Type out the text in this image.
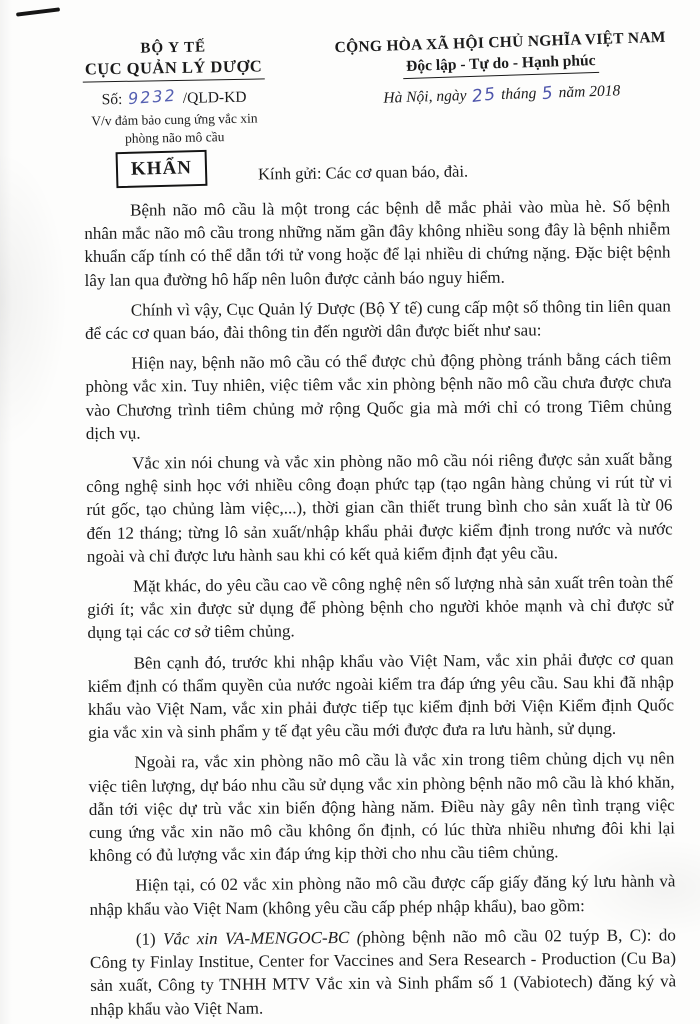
BỘ Y TẾ
CỤC QUẢN LÝ DƯỢC
Số: 9232 /QLD-KD
V/v đảm bảo cung ứng vắc xin
phòng não mô cầu
CỘNG HÒA XÃ HỘI CHỦ NGHĨA VIỆT NAM
Độc lập - Tự do - Hạnh phúc
Hà Nội, ngày 25 tháng 5 năm 2018
KHẨN	Kính gửi: Các cơ quan báo, đài.

Bệnh não mô cầu là một trong các bệnh dễ mắc phải vào mùa hè. Số bệnh nhân mắc não mô cầu trong những năm gần đây không nhiều song đây là bệnh nhiễm khuẩn cấp tính có thể dẫn tới tử vong hoặc để lại nhiều di chứng nặng. Đặc biệt bệnh lây lan qua đường hô hấp nên luôn được cảnh báo nguy hiểm.

Chính vì vậy, Cục Quản lý Dược (Bộ Y tế) cung cấp một số thông tin liên quan để các cơ quan báo, đài thông tin đến người dân được biết như sau:

Hiện nay, bệnh não mô cầu có thể được chủ động phòng tránh bằng cách tiêm phòng vắc xin. Tuy nhiên, việc tiêm vắc xin phòng bệnh não mô cầu chưa được chưa vào Chương trình tiêm chủng mở rộng Quốc gia mà mới chỉ có trong Tiêm chủng dịch vụ.

Vắc xin nói chung và vắc xin phòng não mô cầu nói riêng được sản xuất bằng công nghệ sinh học với nhiều công đoạn phức tạp (tạo ngân hàng chủng vi rút từ vi rút gốc, tạo chủng làm việc,...), thời gian cần thiết trung bình cho sản xuất là từ 06 đến 12 tháng; từng lô sản xuất/nhập khẩu phải được kiểm định trong nước và nước ngoài và chỉ được lưu hành sau khi có kết quả kiểm định đạt yêu cầu.

Mặt khác, do yêu cầu cao về công nghệ nên số lượng nhà sản xuất trên toàn thế giới ít; vắc xin được sử dụng để phòng bệnh cho người khỏe mạnh và chỉ được sử dụng tại các cơ sở tiêm chủng.

Bên cạnh đó, trước khi nhập khẩu vào Việt Nam, vắc xin phải được cơ quan kiểm định có thẩm quyền của nước ngoài kiểm tra đáp ứng yêu cầu. Sau khi đã nhập khẩu vào Việt Nam, vắc xin phải được tiếp tục kiểm định bởi Viện Kiểm định Quốc gia vắc xin và sinh phẩm y tế đạt yêu cầu mới được đưa ra lưu hành, sử dụng.

Ngoài ra, vắc xin phòng não mô cầu là vắc xin trong tiêm chủng dịch vụ nên việc tiên lượng, dự báo nhu cầu sử dụng vắc xin phòng bệnh não mô cầu là khó khăn, dẫn tới việc dự trù vắc xin biến động hàng năm. Điều này gây nên tình trạng việc cung ứng vắc xin não mô cầu không ổn định, có lúc thừa nhiều nhưng đôi khi lại không có đủ lượng vắc xin đáp ứng kịp thời cho nhu cầu tiêm chủng.

Hiện tại, có 02 vắc xin phòng não mô cầu được cấp giấy đăng ký lưu hành và nhập khẩu vào Việt Nam (không yêu cầu cấp phép nhập khẩu), bao gồm:

(1) Vắc xin VA-MENGOC-BC (phòng bệnh não mô cầu 02 tuýp B, C): do Công ty Finlay Institue, Center for Vaccines and Sera Research - Production (Cu Ba) sản xuất, Công ty TNHH MTV Vắc xin và Sinh phẩm số 1 (Vabiotech) đăng ký và nhập khẩu vào Việt Nam.
